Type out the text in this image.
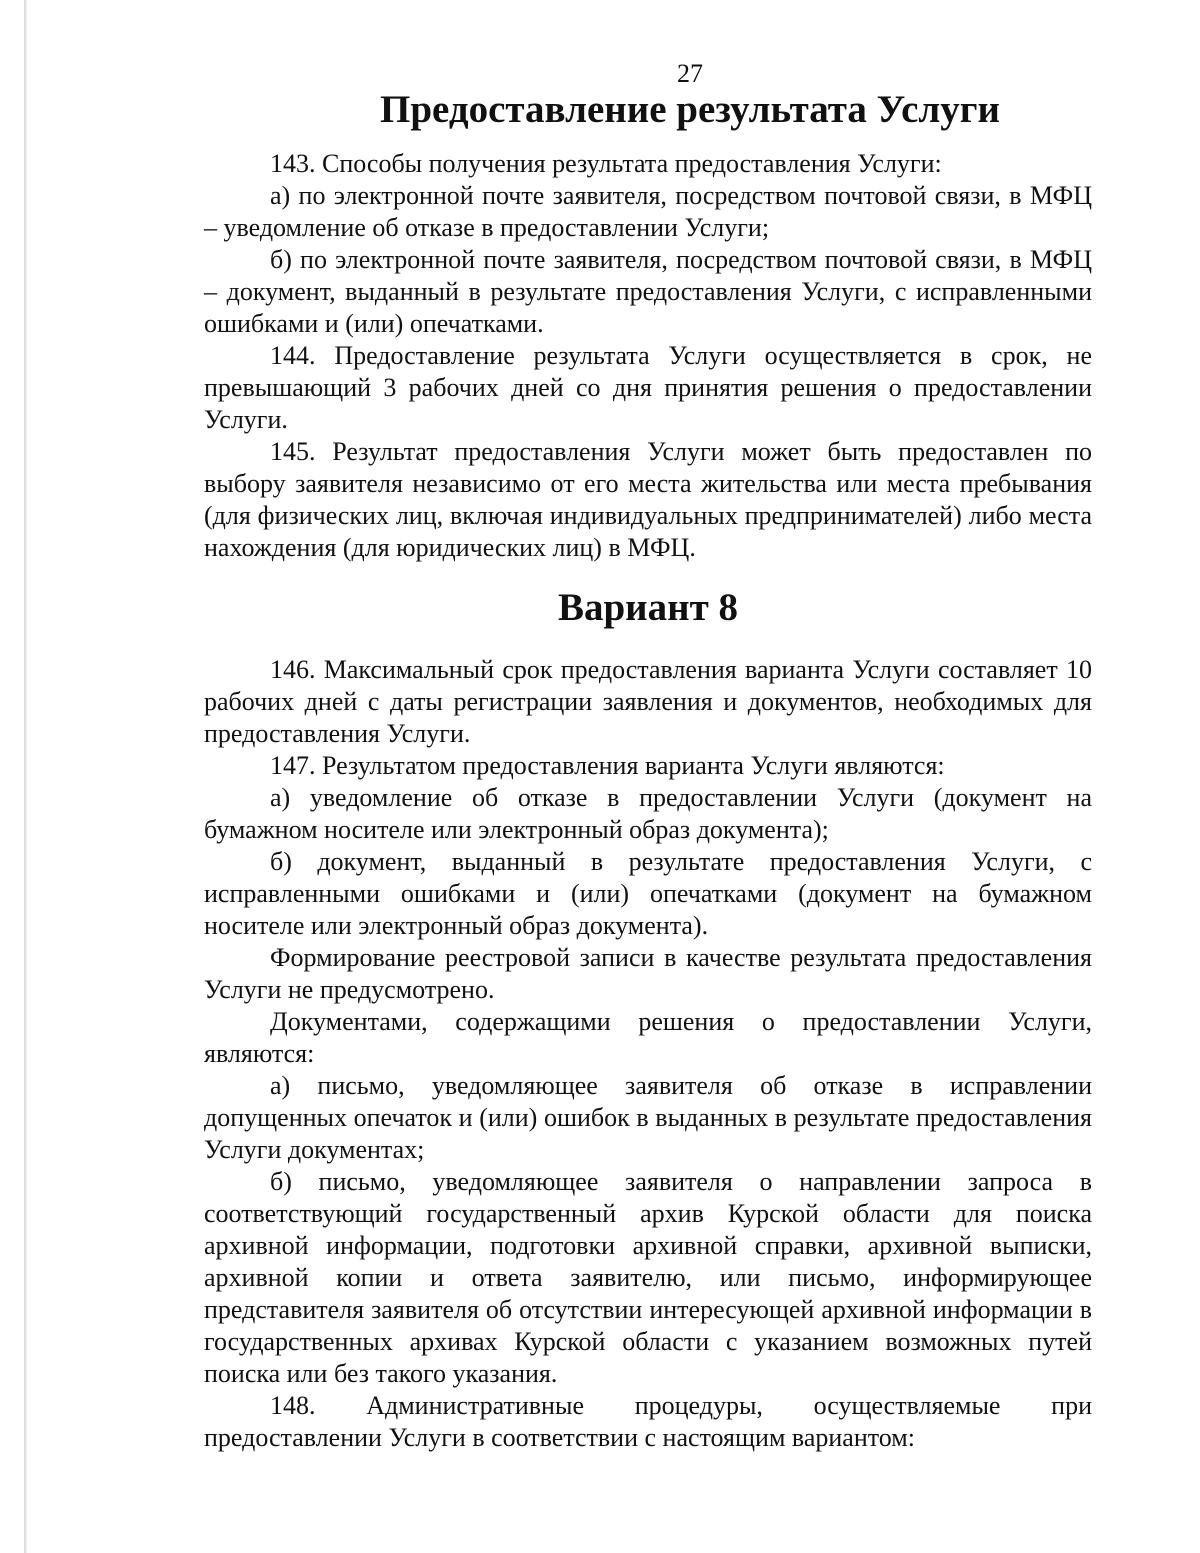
27
Предоставление результата Услуги

143. Способы получения результата предоставления Услуги:

а) по электронной почте заявителя, посредством почтовой связи, в МФЦ – уведомление об отказе в предоставлении Услуги;

б) по электронной почте заявителя, посредством почтовой связи, в МФЦ – документ, выданный в результате предоставления Услуги, с исправленными ошибками и (или) опечатками.

144. Предоставление результата Услуги осуществляется в срок, не превышающий 3 рабочих дней со дня принятия решения о предоставлении Услуги.

145. Результат предоставления Услуги может быть предоставлен по выбору заявителя независимо от его места жительства или места пребывания (для физических лиц, включая индивидуальных предпринимателей) либо места нахождения (для юридических лиц) в МФЦ.

Вариант 8

146. Максимальный срок предоставления варианта Услуги составляет 10 рабочих дней с даты регистрации заявления и документов, необходимых для предоставления Услуги.

147. Результатом предоставления варианта Услуги являются:

а) уведомление об отказе в предоставлении Услуги (документ на бумажном носителе или электронный образ документа);

б) документ, выданный в результате предоставления Услуги, с исправленными ошибками и (или) опечатками (документ на бумажном носителе или электронный образ документа).

Формирование реестровой записи в качестве результата предоставления Услуги не предусмотрено.

Документами, содержащими решения о предоставлении Услуги, являются:

а) письмо, уведомляющее заявителя об отказе в исправлении допущенных опечаток и (или) ошибок в выданных в результате предоставления Услуги документах;

б) письмо, уведомляющее заявителя о направлении запроса в соответствующий государственный архив Курской области для поиска архивной информации, подготовки архивной справки, архивной выписки, архивной копии и ответа заявителю, или письмо, информирующее представителя заявителя об отсутствии интересующей архивной информации в государственных архивах Курской области с указанием возможных путей поиска или без такого указания.

148. Административные процедуры, осуществляемые при предоставлении Услуги в соответствии с настоящим вариантом:
